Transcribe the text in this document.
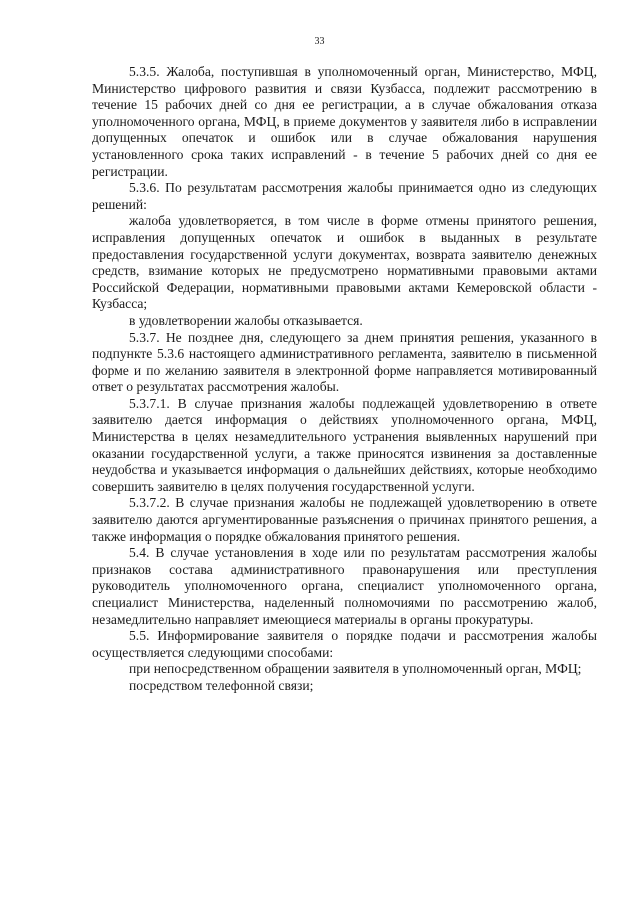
33

5.3.5. Жалоба, поступившая в уполномоченный орган, Министерство, МФЦ, Министерство цифрового развития и связи Кузбасса, подлежит рассмотрению в течение 15 рабочих дней со дня ее регистрации, а в случае обжалования отказа уполномоченного органа, МФЦ, в приеме документов у заявителя либо в исправлении допущенных опечаток и ошибок или в случае обжалования нарушения установленного срока таких исправлений - в течение 5 рабочих дней со дня ее регистрации.

5.3.6. По результатам рассмотрения жалобы принимается одно из следующих решений:

жалоба удовлетворяется, в том числе в форме отмены принятого решения, исправления допущенных опечаток и ошибок в выданных в результате предоставления государственной услуги документах, возврата заявителю денежных средств, взимание которых не предусмотрено нормативными правовыми актами Российской Федерации, нормативными правовыми актами Кемеровской области - Кузбасса;

в удовлетворении жалобы отказывается.

5.3.7. Не позднее дня, следующего за днем принятия решения, указанного в подпункте 5.3.6 настоящего административного регламента, заявителю в письменной форме и по желанию заявителя в электронной форме направляется мотивированный ответ о результатах рассмотрения жалобы.

5.3.7.1. В случае признания жалобы подлежащей удовлетворению в ответе заявителю дается информация о действиях уполномоченного органа, МФЦ, Министерства в целях незамедлительного устранения выявленных нарушений при оказании государственной услуги, а также приносятся извинения за доставленные неудобства и указывается информация о дальнейших действиях, которые необходимо совершить заявителю в целях получения государственной услуги.

5.3.7.2. В случае признания жалобы не подлежащей удовлетворению в ответе заявителю даются аргументированные разъяснения о причинах принятого решения, а также информация о порядке обжалования принятого решения.

5.4. В случае установления в ходе или по результатам рассмотрения жалобы признаков состава административного правонарушения или преступления руководитель уполномоченного органа, специалист уполномоченного органа, специалист Министерства, наделенный полномочиями по рассмотрению жалоб, незамедлительно направляет имеющиеся материалы в органы прокуратуры.

5.5. Информирование заявителя о порядке подачи и рассмотрения жалобы осуществляется следующими способами:

при непосредственном обращении заявителя в уполномоченный орган, МФЦ;

посредством телефонной связи;
